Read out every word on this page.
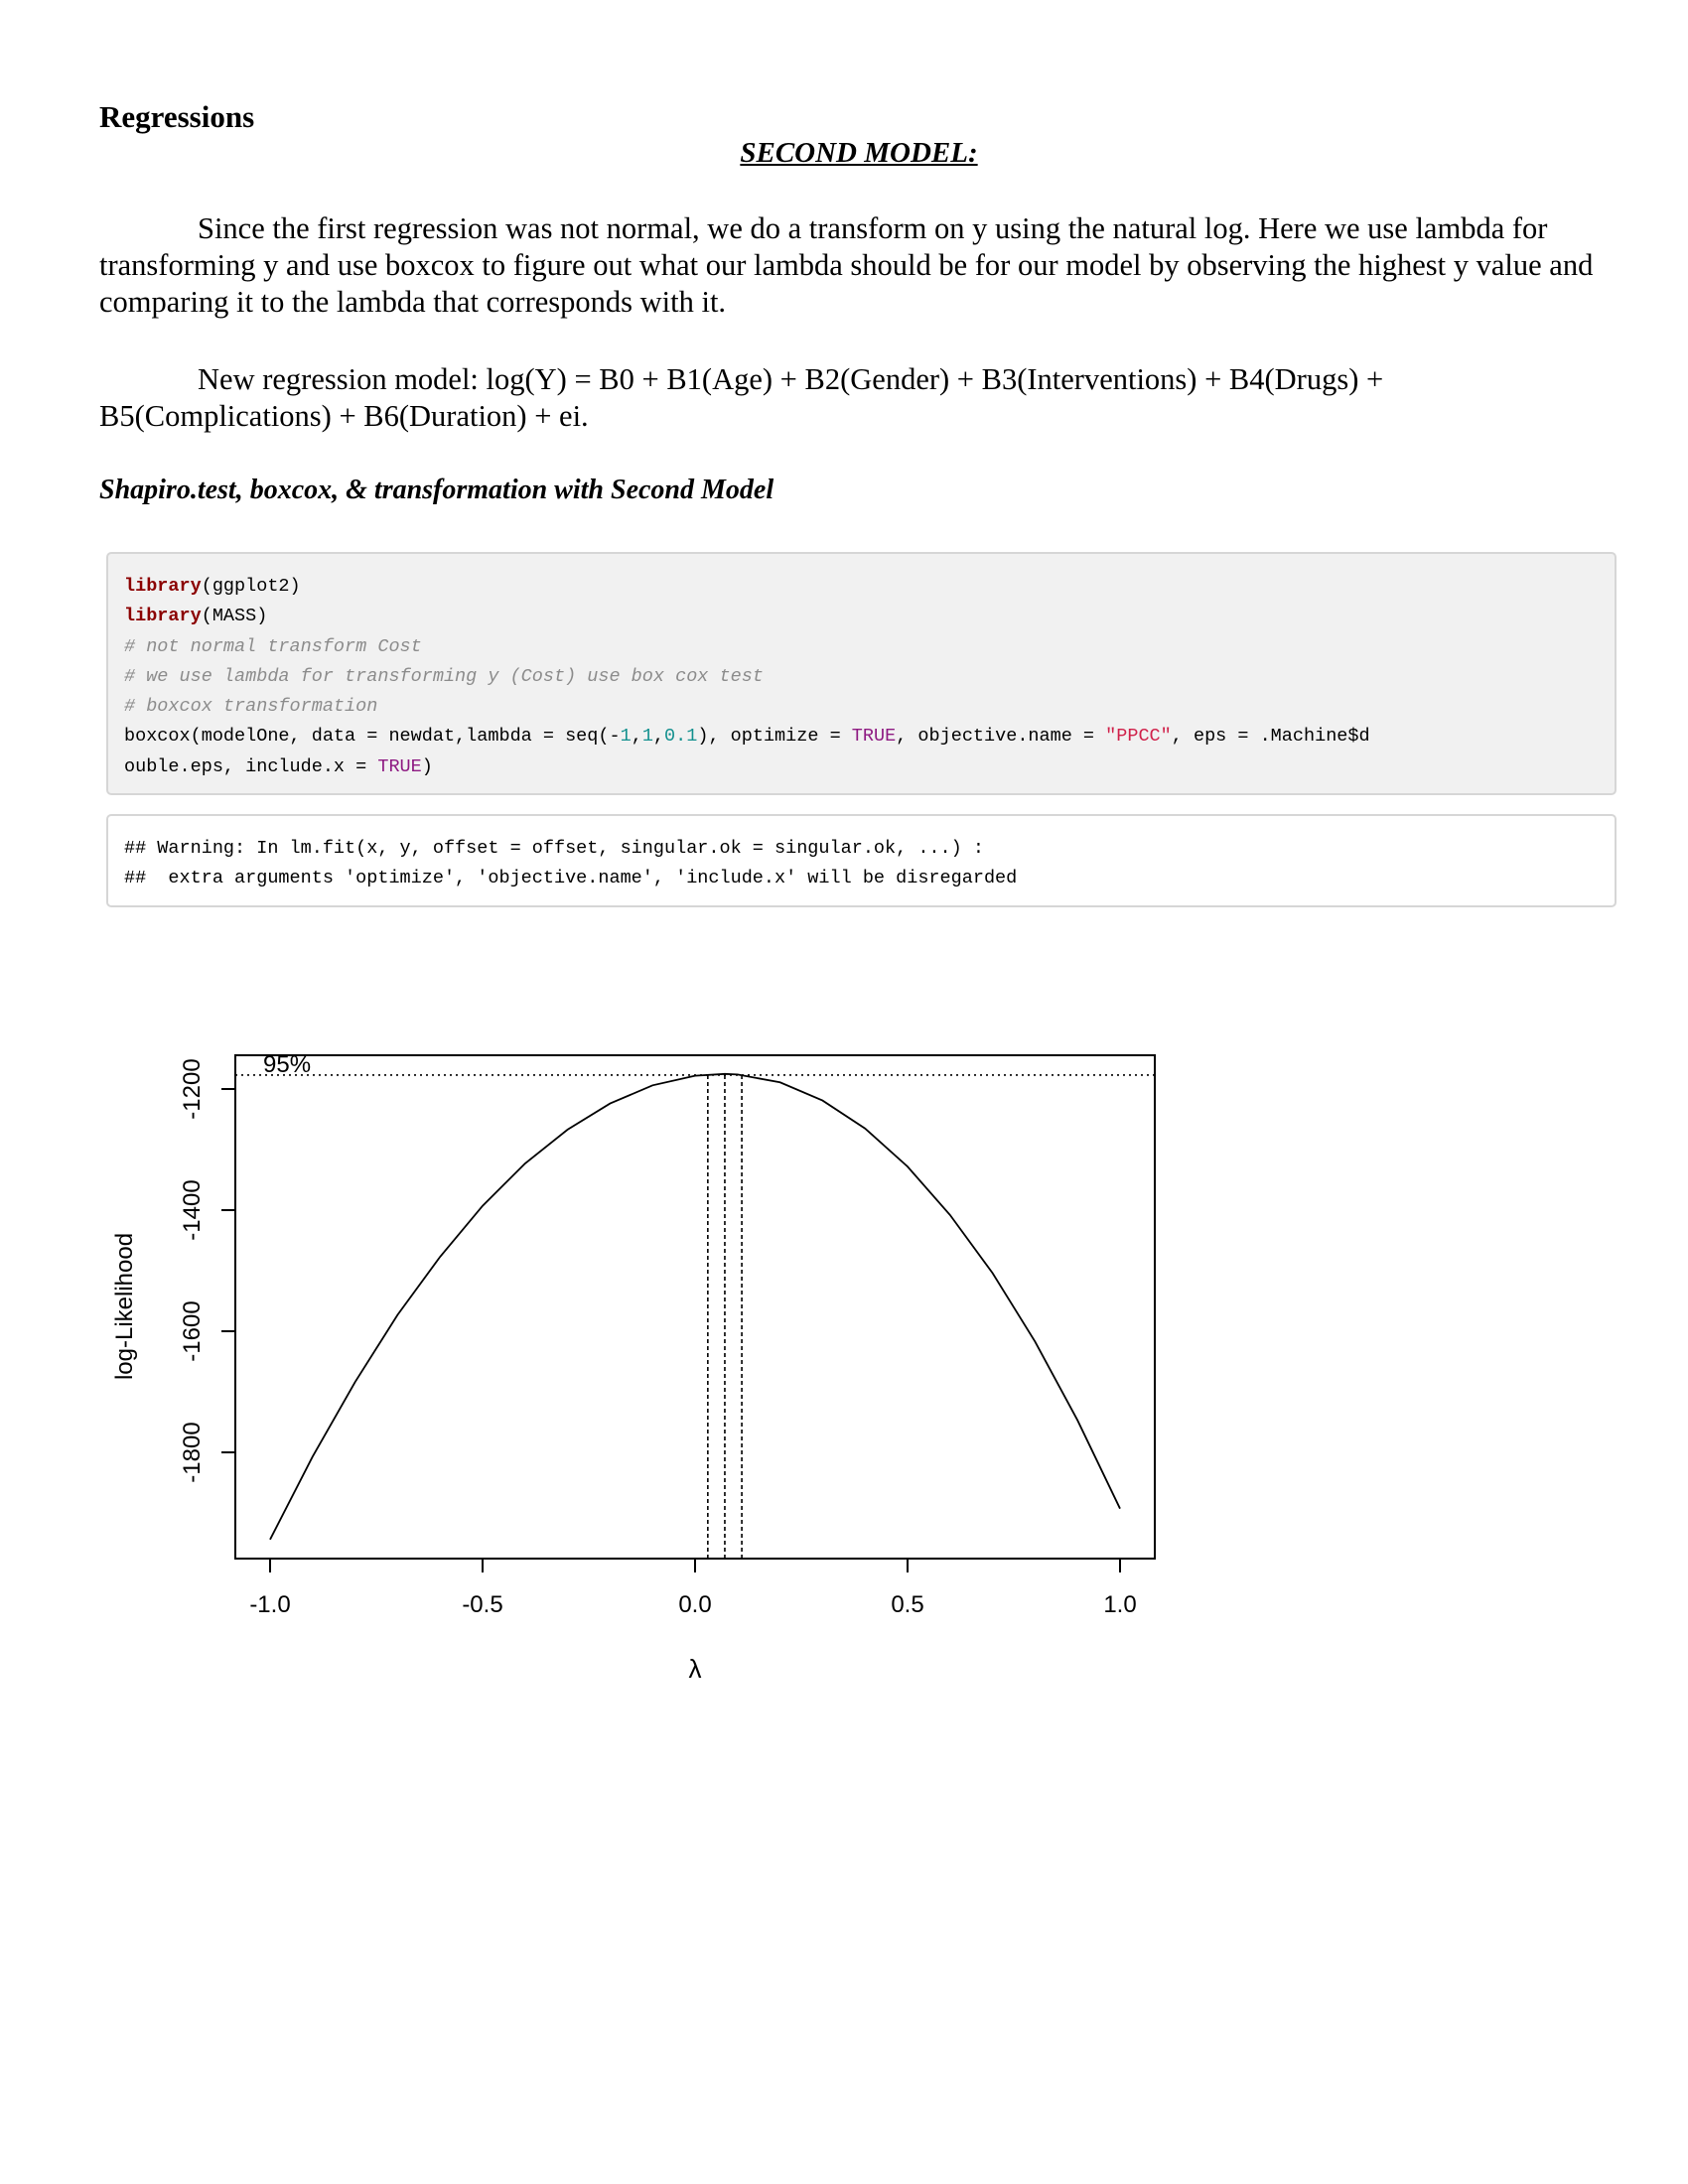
Regressions
SECOND MODEL:

Since the first regression was not normal, we do a transform on y using the natural log. Here we use lambda for transforming y and use boxcox to figure out what our lambda should be for our model by observing the highest y value and comparing it to the lambda that corresponds with it.

New regression model: log(Y) = B0 + B1(Age) + B2(Gender) + B3(Interventions) + B4(Drugs) + B5(Complications) + B6(Duration) + ei.

Shapiro.test, boxcox, & transformation with Second Model
library(ggplot2)
library(MASS)
# not normal transform Cost
# we use lambda for transforming y (Cost) use box cox test
# boxcox transformation
boxcox(modelOne, data = newdat,lambda = seq(-1,1,0.1), optimize = TRUE, objective.name = "PPCC", eps = .Machine$d
ouble.eps, include.x = TRUE)
## Warning: In lm.fit(x, y, offset = offset, singular.ok = singular.ok, ...) :
##  extra arguments 'optimize', 'objective.name', 'include.x' will be disregarded
log-Likelihood
λ
-1.0	-0.5	0.0	0.5	1.0
-1200
-1400
-1600
-1800
95%
